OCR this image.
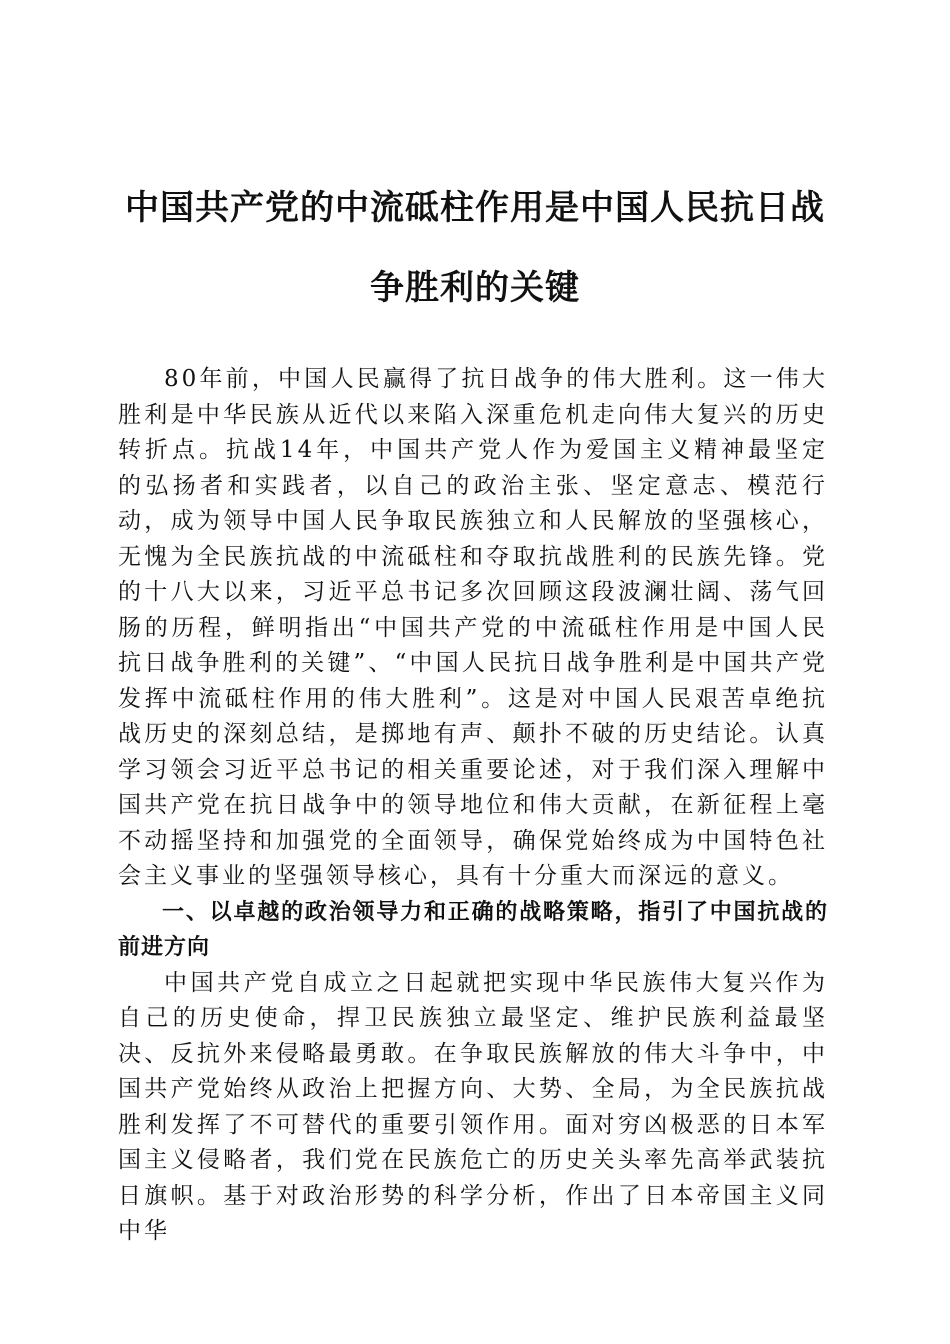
中国共产党的中流砥柱作用是中国人民抗日战
争胜利的关键

80年前，中国人民赢得了抗日战争的伟大胜利。这一伟大胜利是中华民族从近代以来陷入深重危机走向伟大复兴的历史转折点。抗战14年，中国共产党人作为爱国主义精神最坚定的弘扬者和实践者，以自己的政治主张、坚定意志、模范行动，成为领导中国人民争取民族独立和人民解放的坚强核心，无愧为全民族抗战的中流砥柱和夺取抗战胜利的民族先锋。党的十八大以来，习近平总书记多次回顾这段波澜壮阔、荡气回肠的历程，鲜明指出“中国共产党的中流砥柱作用是中国人民抗日战争胜利的关键”、“中国人民抗日战争胜利是中国共产党发挥中流砥柱作用的伟大胜利”。这是对中国人民艰苦卓绝抗战历史的深刻总结，是掷地有声、颠扑不破的历史结论。认真学习领会习近平总书记的相关重要论述，对于我们深入理解中国共产党在抗日战争中的领导地位和伟大贡献，在新征程上毫不动摇坚持和加强党的全面领导，确保党始终成为中国特色社会主义事业的坚强领导核心，具有十分重大而深远的意义。

一、以卓越的政治领导力和正确的战略策略，指引了中国抗战的前进方向

中国共产党自成立之日起就把实现中华民族伟大复兴作为自己的历史使命，捍卫民族独立最坚定、维护民族利益最坚决、反抗外来侵略最勇敢。在争取民族解放的伟大斗争中，中国共产党始终从政治上把握方向、大势、全局，为全民族抗战胜利发挥了不可替代的重要引领作用。面对穷凶极恶的日本军国主义侵略者，我们党在民族危亡的历史关头率先高举武装抗日旗帜。基于对政治形势的科学分析，作出了日本帝国主义同中华
